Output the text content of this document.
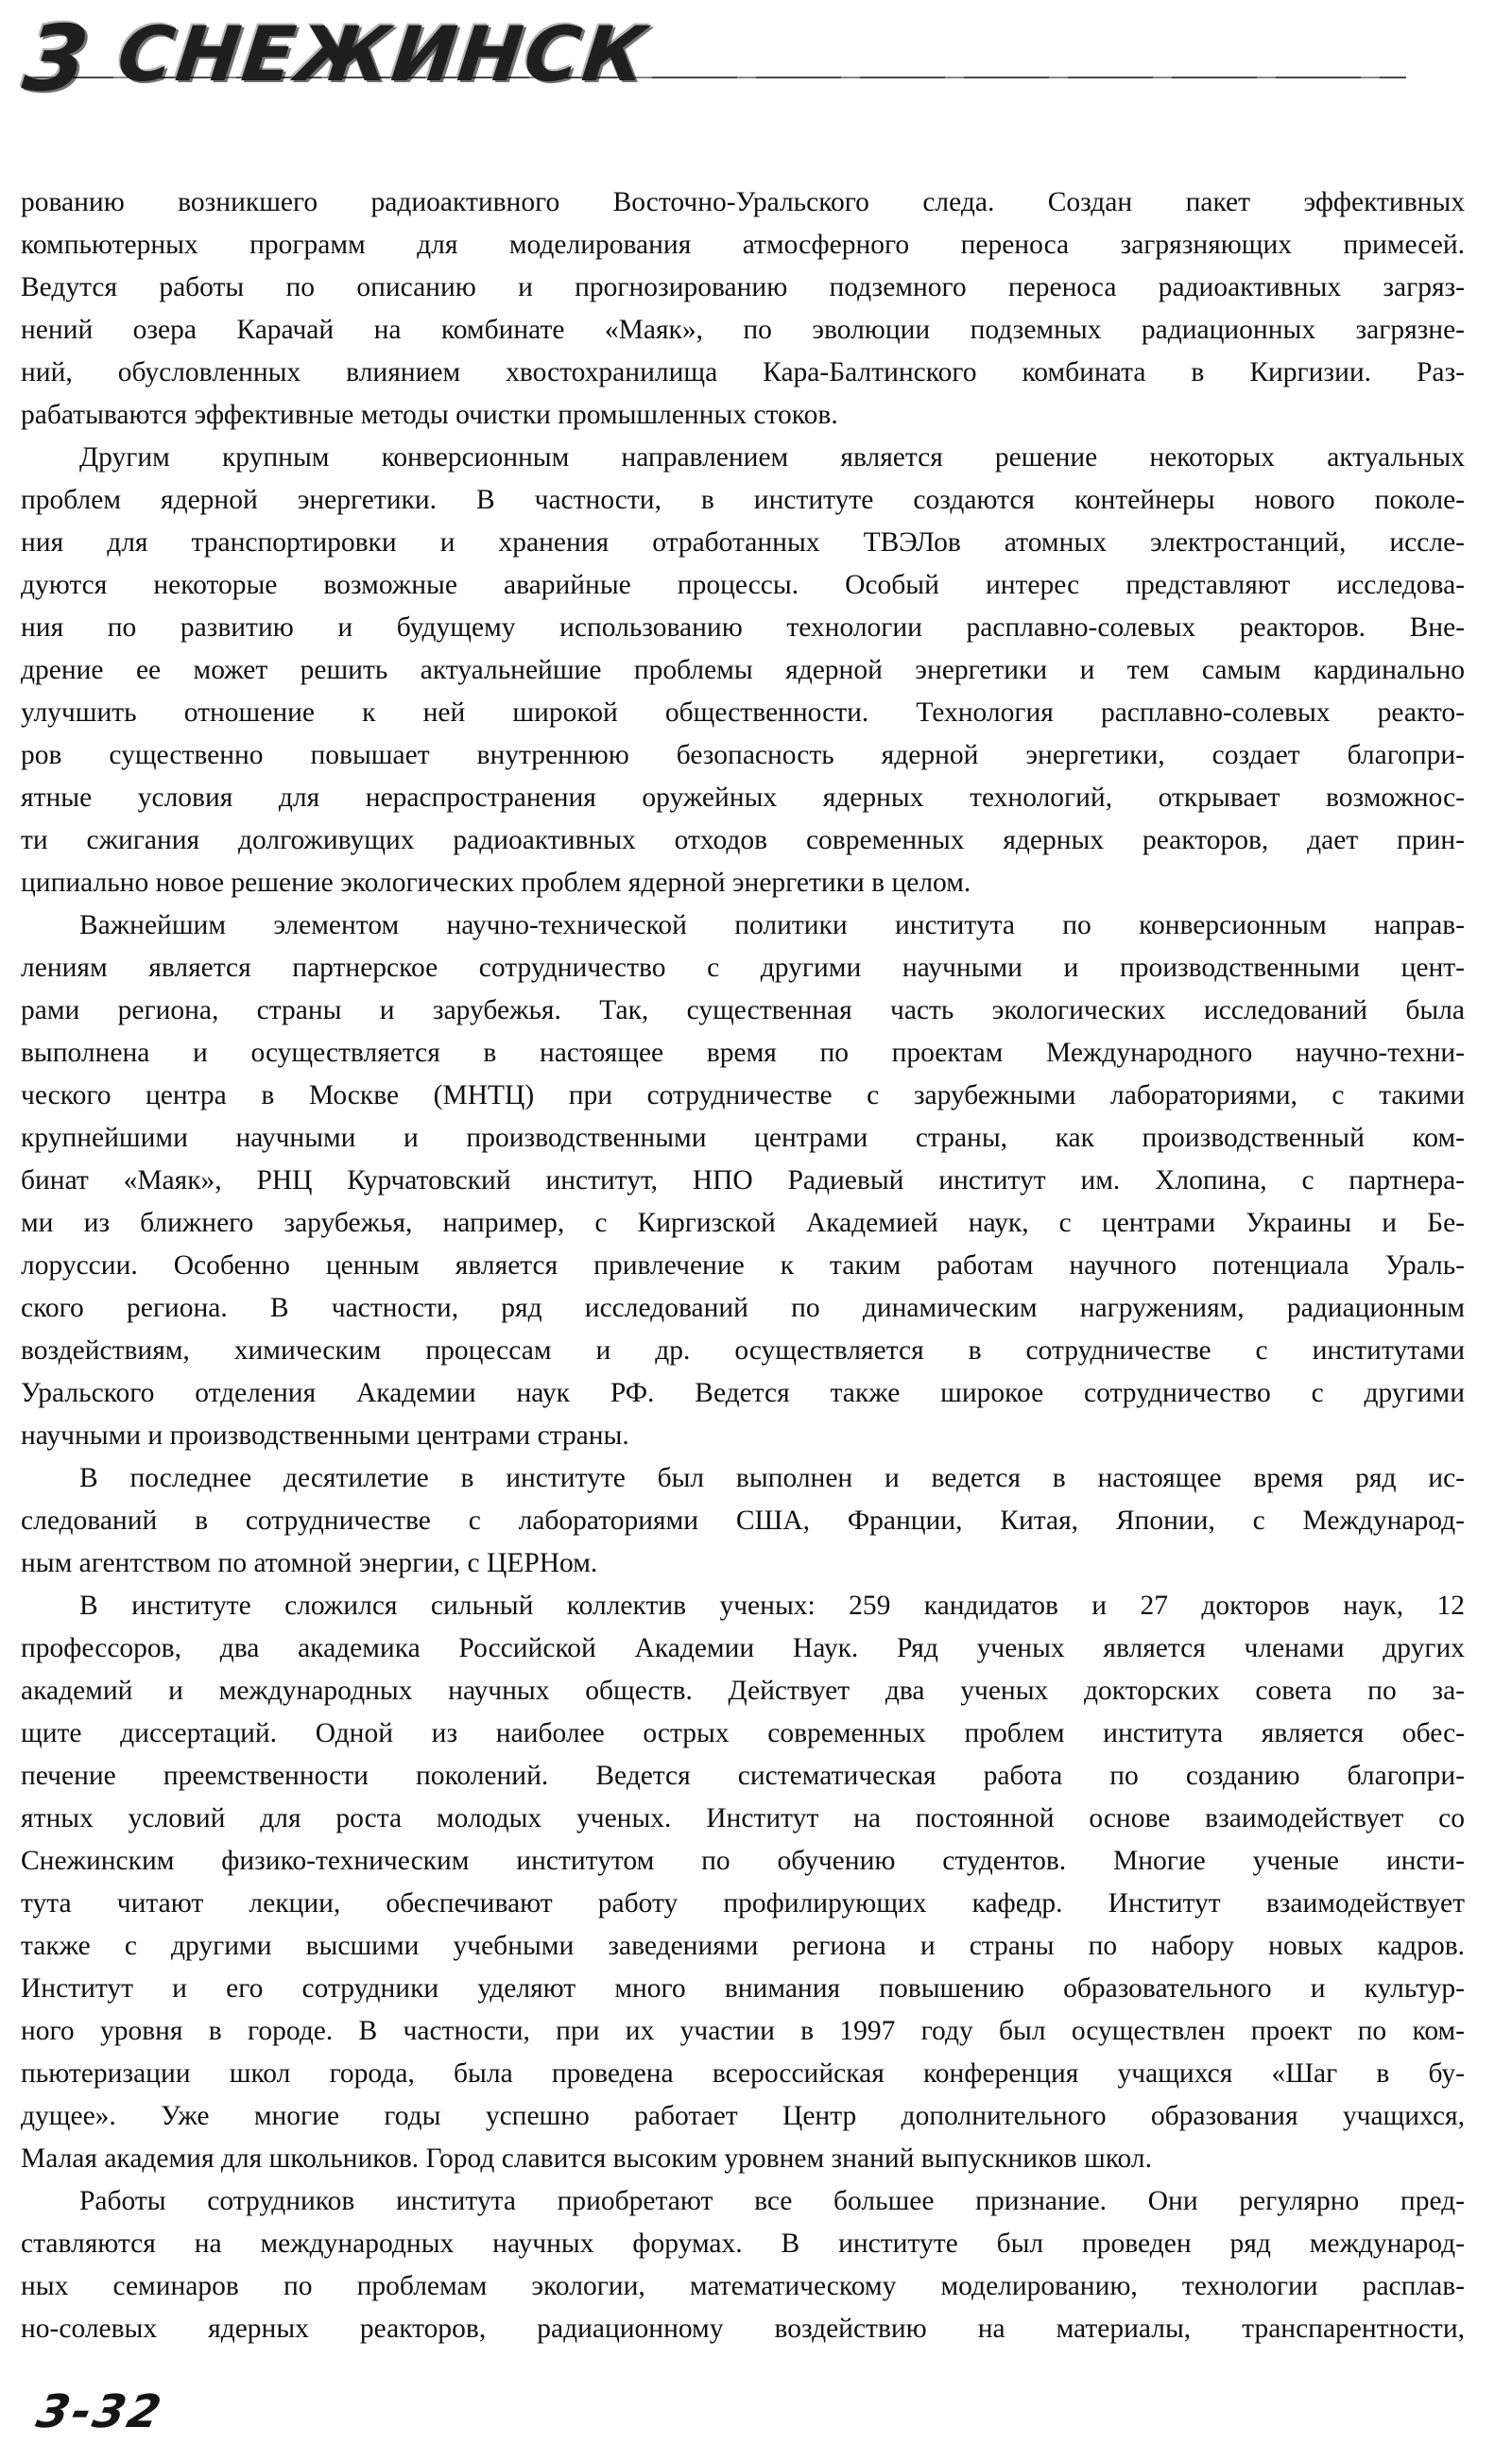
3 СНЕЖИНСК
рованию возникшего радиоактивного Восточно-Уральского следа. Создан пакет эффективных
компьютерных программ для моделирования атмосферного переноса загрязняющих примесей.
Ведутся работы по описанию и прогнозированию подземного переноса радиоактивных загряз-
нений озера Карачай на комбинате «Маяк», по эволюции подземных радиационных загрязне-
ний, обусловленных влиянием хвостохранилища Кара-Балтинского комбината в Киргизии. Раз-
рабатываются эффективные методы очистки промышленных стоков.
Другим крупным конверсионным направлением является решение некоторых актуальных
проблем ядерной энергетики. В частности, в институте создаются контейнеры нового поколе-
ния для транспортировки и хранения отработанных ТВЭЛов атомных электростанций, иссле-
дуются некоторые возможные аварийные процессы. Особый интерес представляют исследова-
ния по развитию и будущему использованию технологии расплавно-солевых реакторов. Вне-
дрение ее может решить актуальнейшие проблемы ядерной энергетики и тем самым кардинально
улучшить отношение к ней широкой общественности. Технология расплавно-солевых реакто-
ров существенно повышает внутреннюю безопасность ядерной энергетики, создает благопри-
ятные условия для нераспространения оружейных ядерных технологий, открывает возможнос-
ти сжигания долгоживущих радиоактивных отходов современных ядерных реакторов, дает прин-
ципиально новое решение экологических проблем ядерной энергетики в целом.
Важнейшим элементом научно-технической политики института по конверсионным направ-
лениям является партнерское сотрудничество с другими научными и производственными цент-
рами региона, страны и зарубежья. Так, существенная часть экологических исследований была
выполнена и осуществляется в настоящее время по проектам Международного научно-техни-
ческого центра в Москве (МНТЦ) при сотрудничестве с зарубежными лабораториями, с такими
крупнейшими научными и производственными центрами страны, как производственный ком-
бинат «Маяк», РНЦ Курчатовский институт, НПО Радиевый институт им. Хлопина, с партнера-
ми из ближнего зарубежья, например, с Киргизской Академией наук, с центрами Украины и Бе-
лоруссии. Особенно ценным является привлечение к таким работам научного потенциала Ураль-
ского региона. В частности, ряд исследований по динамическим нагружениям, радиационным
воздействиям, химическим процессам и др. осуществляется в сотрудничестве с институтами
Уральского отделения Академии наук РФ. Ведется также широкое сотрудничество с другими
научными и производственными центрами страны.
В последнее десятилетие в институте был выполнен и ведется в настоящее время ряд ис-
следований в сотрудничестве с лабораториями США, Франции, Китая, Японии, с Международ-
ным агентством по атомной энергии, с ЦЕРНом.
В институте сложился сильный коллектив ученых: 259 кандидатов и 27 докторов наук, 12
профессоров, два академика Российской Академии Наук. Ряд ученых является членами других
академий и международных научных обществ. Действует два ученых докторских совета по за-
щите диссертаций. Одной из наиболее острых современных проблем института является обес-
печение преемственности поколений. Ведется систематическая работа по созданию благопри-
ятных условий для роста молодых ученых. Институт на постоянной основе взаимодействует со
Снежинским физико-техническим институтом по обучению студентов. Многие ученые инсти-
тута читают лекции, обеспечивают работу профилирующих кафедр. Институт взаимодействует
также с другими высшими учебными заведениями региона и страны по набору новых кадров.
Институт и его сотрудники уделяют много внимания повышению образовательного и культур-
ного уровня в городе. В частности, при их участии в 1997 году был осуществлен проект по ком-
пьютеризации школ города, была проведена всероссийская конференция учащихся «Шаг в бу-
дущее». Уже многие годы успешно работает Центр дополнительного образования учащихся,
Малая академия для школьников. Город славится высоким уровнем знаний выпускников школ.
Работы сотрудников института приобретают все большее признание. Они регулярно пред-
ставляются на международных научных форумах. В институте был проведен ряд международ-
ных семинаров по проблемам экологии, математическому моделированию, технологии расплав-
но-солевых ядерных реакторов, радиационному воздействию на материалы, транспарентности,
3-32
